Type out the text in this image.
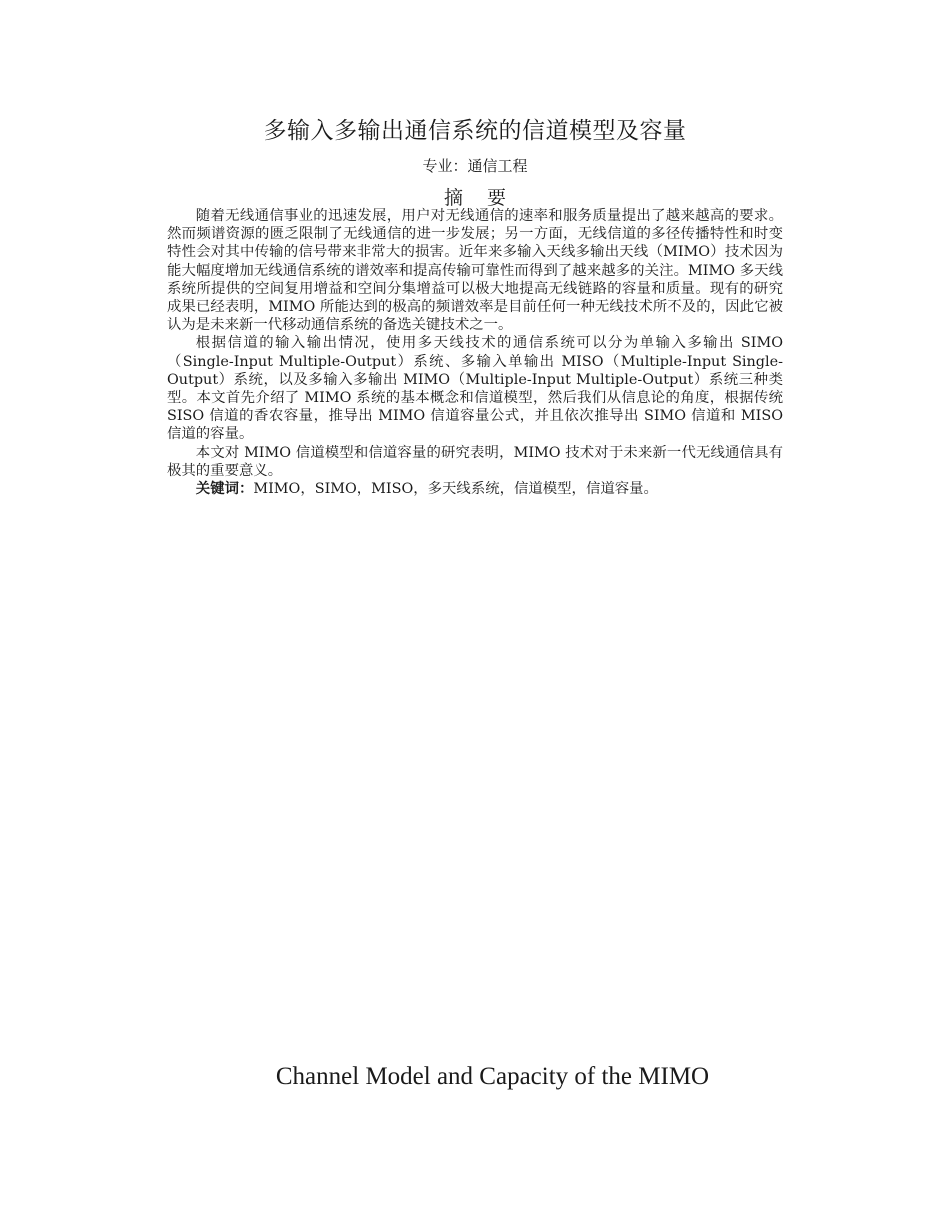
多输入多输出通信系统的信道模型及容量
专业：通信工程
摘要

随着无线通信事业的迅速发展，用户对无线通信的速率和服务质量提出了越来越高的要求。然而频谱资源的匮乏限制了无线通信的进一步发展；另一方面，无线信道的多径传播特性和时变特性会对其中传输的信号带来非常大的损害。近年来多输入天线多输出天线（MIMO）技术因为能大幅度增加无线通信系统的谱效率和提高传输可靠性而得到了越来越多的关注。MIMO 多天线系统所提供的空间复用增益和空间分集增益可以极大地提高无线链路的容量和质量。现有的研究成果已经表明，MIMO 所能达到的极高的频谱效率是目前任何一种无线技术所不及的，因此它被认为是未来新一代移动通信系统的备选关键技术之一。

根据信道的输入输出情况，使用多天线技术的通信系统可以分为单输入多输出 SIMO（Single-Input Multiple-Output）系统、多输入单输出 MISO（Multiple-Input Single-Output）系统，以及多输入多输出 MIMO（Multiple-Input Multiple-Output）系统三种类型。本文首先介绍了 MIMO 系统的基本概念和信道模型，然后我们从信息论的角度，根据传统 SISO 信道的香农容量，推导出 MIMO 信道容量公式，并且依次推导出 SIMO 信道和 MISO 信道的容量。

本文对 MIMO 信道模型和信道容量的研究表明，MIMO 技术对于未来新一代无线通信具有极其的重要意义。

关键词：MIMO，SIMO，MISO，多天线系统，信道模型，信道容量。

Channel Model and Capacity of the MIMO
